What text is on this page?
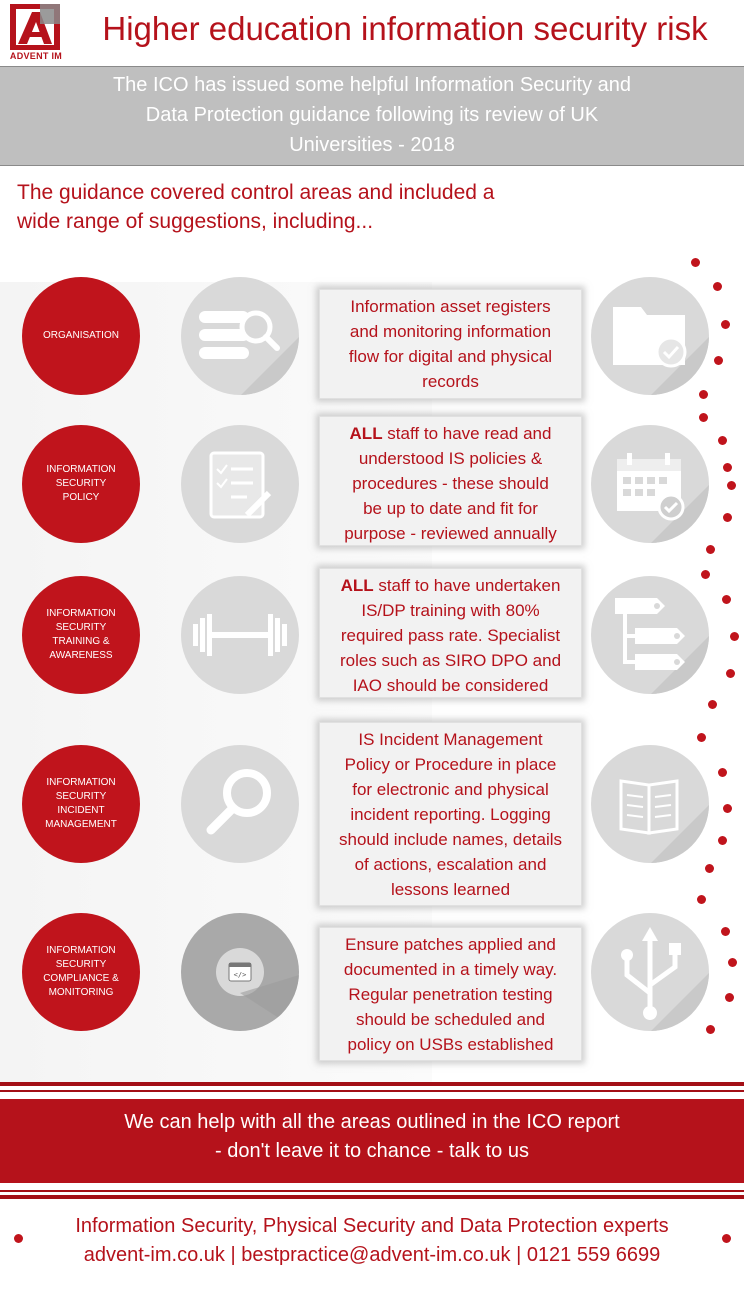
ADVENT IM
Higher education information security risk
The ICO has issued some helpful Information Security and
Data Protection guidance following its review of UK
Universities - 2018
The guidance covered control areas and included a
wide range of suggestions, including...
ORGANISATION
Information asset registers
and monitoring information
flow for digital and physical
records
INFORMATION
SECURITY
POLICY
ALL staff to have read and
understood IS policies &
procedures - these should
be up to date and fit for
purpose - reviewed annually
INFORMATION
SECURITY
TRAINING &
AWARENESS
ALL staff to have undertaken
IS/DP training with 80%
required pass rate. Specialist
roles such as SIRO DPO and
IAO should be considered
INFORMATION
SECURITY
INCIDENT
MANAGEMENT
IS Incident Management
Policy or Procedure in place
for electronic and physical
incident reporting. Logging
should include names, details
of actions, escalation and
lessons learned
INFORMATION
SECURITY
COMPLIANCE &
MONITORING
</>
Ensure patches applied and
documented in a timely way.
Regular penetration testing
should be scheduled and
policy on USBs established
We can help with all the areas outlined in the ICO report
- don't leave it to chance - talk to us
Information Security, Physical Security and Data Protection experts
advent-im.co.uk | bestpractice@advent-im.co.uk | 0121 559 6699
